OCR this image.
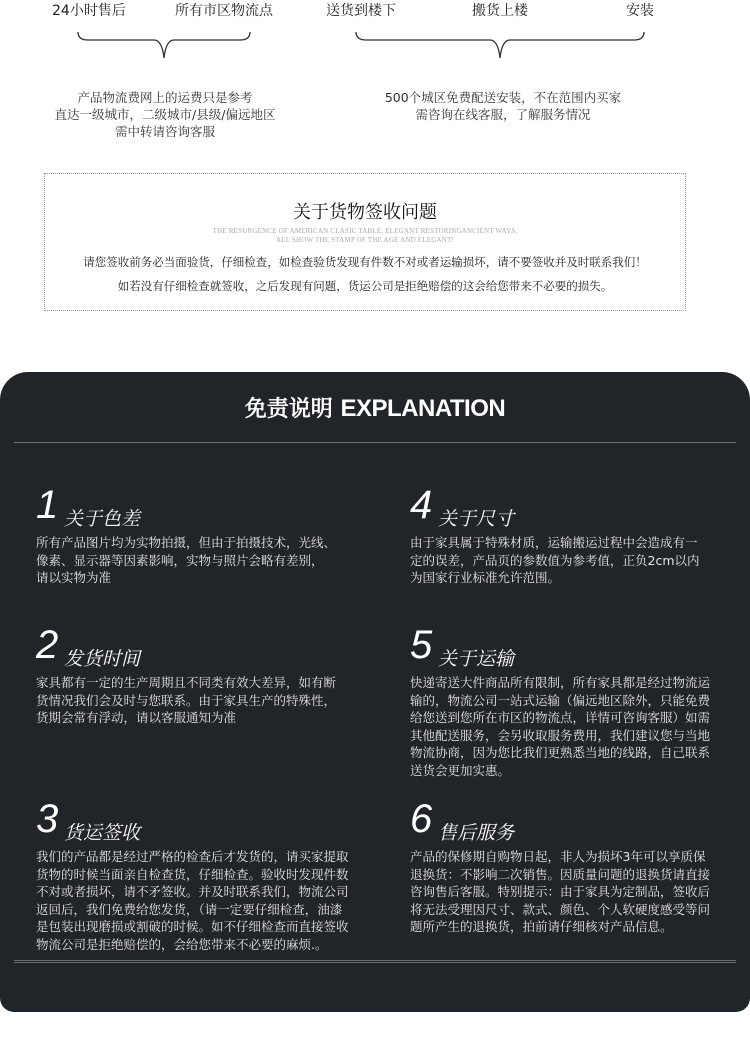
24小时售后	所有市区物流点	送货到楼下	搬货上楼	安装
产品物流费网上的运费只是参考
直达一级城市，二级城市/县级/偏远地区
需中转请咨询客服
500个城区免费配送安装，不在范围内买家
需咨询在线客服，了解服务情况
关于货物签收问题
THE RESURGENCE OF AMERICAN CLASIC TABLE, ELEGANT RESTORINGANCIENT WAYS,
ALL SHOW THE STAMP OF THE AGE AND ELEGANT!
请您签收前务必当面验货，仔细检查，如检查验货发现有件数不对或者运输损坏，请不要签收并及时联系我们！
如若没有仔细检查就签收，之后发现有问题，货运公司是拒绝赔偿的这会给您带来不必要的损失。
免责说明 EXPLANATION
1 关于色差
所有产品图片均为实物拍摄，但由于拍摄技术，光线、
像素、显示器等因素影响，实物与照片会略有差别，
请以实物为准
2 发货时间
家具都有一定的生产周期且不同类有效大差异，如有断
货情况我们会及时与您联系。由于家具生产的特殊性，
货期会常有浮动，请以客服通知为准
3 货运签收
我们的产品都是经过严格的检查后才发货的，请买家提取
货物的时候当面亲自检查货，仔细检查。验收时发现件数
不对或者损坏，请不矛签收。并及时联系我们，物流公司
返回后，我们免费给您发货，（请一定要仔细检查，油漆
是包装出现磨损或割破的时候。如不仔细检查而直接签收
物流公司是拒绝赔偿的，会给您带来不必要的麻烦.。
4 关于尺寸
由于家具属于特殊材质，运输搬运过程中会造成有一
定的误差，产品页的参数值为参考值，正负2cm以内
为国家行业标准允许范围。
5 关于运输
快递寄送大件商品所有限制，所有家具都是经过物流运
输的，物流公司一站式运输（偏远地区除外，只能免费
给您送到您所在市区的物流点，详情可咨询客服）如需
其他配送服务，会另收取服务费用，我们建议您与当地
物流协商，因为您比我们更熟悉当地的线路，自己联系
送货会更加实惠。
6 售后服务
产品的保修期自购物日起，非人为损坏3年可以享质保
退换货：不影响二次销售。因质量问题的退换货请直接
咨询售后客服。特别提示：由于家具为定制品，签收后
将无法受理因尺寸、款式、颜色、个人软硬度感受等问
题所产生的退换货，拍前请仔细核对产品信息。
